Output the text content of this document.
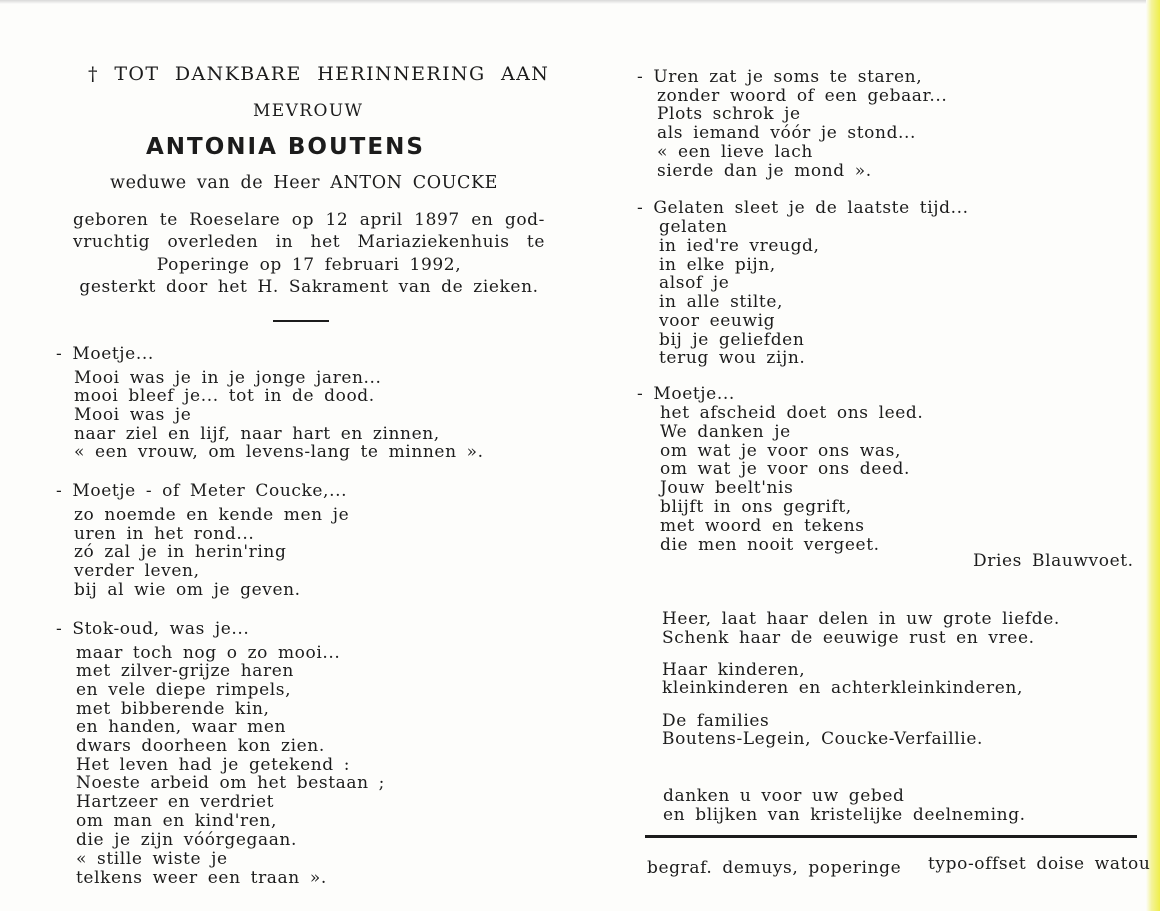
† TOT DANKBARE HERINNERING AAN
MEVROUW
ANTONIA BOUTENS
weduwe van de Heer ANTON COUCKE
geboren te Roeselare op 12 april 1897 en god-
vruchtig overleden in het Mariaziekenhuis te
Poperinge op 17 februari 1992,
gesterkt door het H. Sakrament van de zieken.
- Moetje...
Mooi was je in je jonge jaren...
mooi bleef je... tot in de dood.
Mooi was je
naar ziel en lijf, naar hart en zinnen,
« een vrouw, om levens-lang te minnen ».
- Moetje - of Meter Coucke,...
zo noemde en kende men je
uren in het rond...
zó zal je in herin'ring
verder leven,
bij al wie om je geven.
- Stok-oud, was je...
maar toch nog o zo mooi...
met zilver-grijze haren
en vele diepe rimpels,
met bibberende kin,
en handen, waar men
dwars doorheen kon zien.
Het leven had je getekend :
Noeste arbeid om het bestaan ;
Hartzeer en verdriet
om man en kind'ren,
die je zijn vóórgegaan.
« stille wiste je
telkens weer een traan ».
- Uren zat je soms te staren,
zonder woord of een gebaar...
Plots schrok je
als iemand vóór je stond...
« een lieve lach
sierde dan je mond ».
- Gelaten sleet je de laatste tijd...
gelaten
in ied're vreugd,
in elke pijn,
alsof je
in alle stilte,
voor eeuwig
bij je geliefden
terug wou zijn.
- Moetje...
het afscheid doet ons leed.
We danken je
om wat je voor ons was,
om wat je voor ons deed.
Jouw beelt'nis
blijft in ons gegrift,
met woord en tekens
die men nooit vergeet.
Dries Blauwvoet.
Heer, laat haar delen in uw grote liefde.
Schenk haar de eeuwige rust en vree.
Haar kinderen,
kleinkinderen en achterkleinkinderen,
De families
Boutens-Legein, Coucke-Verfaillie.
danken u voor uw gebed
en blijken van kristelijke deelneming.
begraf. demuys, poperinge typo-offset doise watou
